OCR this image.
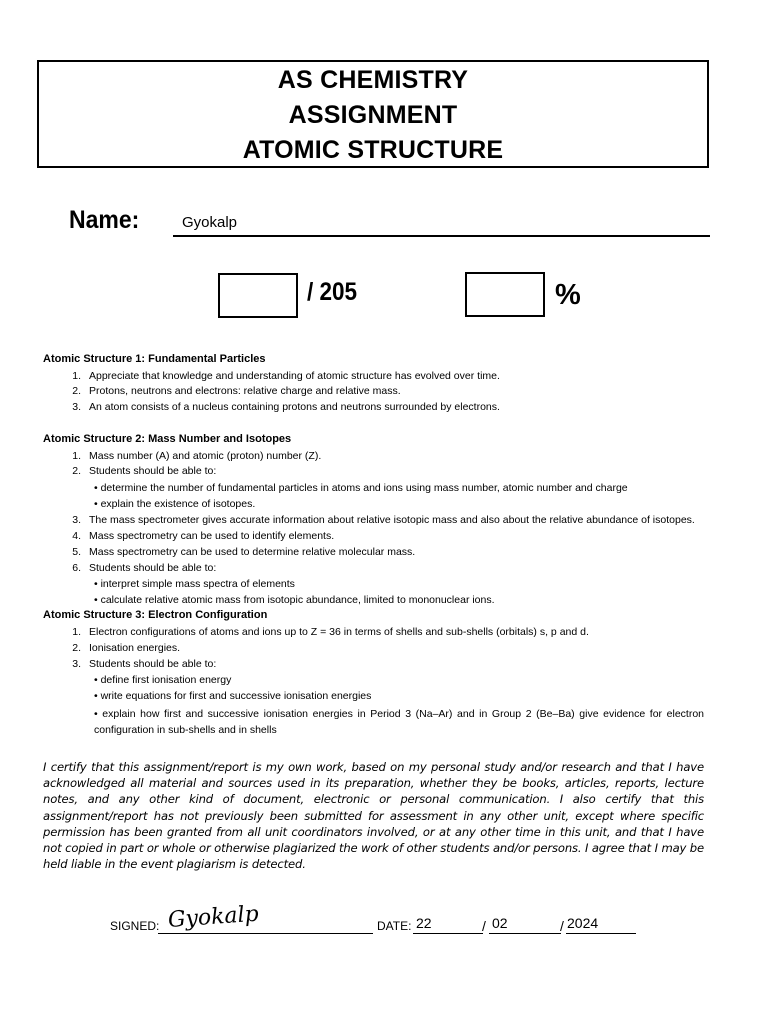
AS CHEMISTRY
ASSIGNMENT
ATOMIC STRUCTURE
Name:	Gyokalp
/ 205	%
Atomic Structure 1: Fundamental Particles
1. Appreciate that knowledge and understanding of atomic structure has evolved over time.
2. Protons, neutrons and electrons: relative charge and relative mass.
3. An atom consists of a nucleus containing protons and neutrons surrounded by electrons.
Atomic Structure 2: Mass Number and Isotopes
1. Mass number (A) and atomic (proton) number (Z).
2. Students should be able to:
• determine the number of fundamental particles in atoms and ions using mass number, atomic number and charge
• explain the existence of isotopes.
3. The mass spectrometer gives accurate information about relative isotopic mass and also about the relative abundance of isotopes.
4. Mass spectrometry can be used to identify elements.
5. Mass spectrometry can be used to determine relative molecular mass.
6. Students should be able to:
• interpret simple mass spectra of elements
• calculate relative atomic mass from isotopic abundance, limited to mononuclear ions.
Atomic Structure 3: Electron Configuration
1. Electron configurations of atoms and ions up to Z = 36 in terms of shells and sub-shells (orbitals) s, p and d.
2. Ionisation energies.
3. Students should be able to:
• define first ionisation energy
• write equations for first and successive ionisation energies
• explain how first and successive ionisation energies in Period 3 (Na–Ar) and in Group 2 (Be–Ba) give evidence for electron configuration in sub-shells and in shells
I certify that this assignment/report is my own work, based on my personal study and/or research and that I have acknowledged all material and sources used in its preparation, whether they be books, articles, reports, lecture notes, and any other kind of document, electronic or personal communication. I also certify that this assignment/report has not previously been submitted for assessment in any other unit, except where specific permission has been granted from all unit coordinators involved, or at any other time in this unit, and that I have not copied in part or whole or otherwise plagiarized the work of other students and/or persons. I agree that I may be held liable in the event plagiarism is detected.
SIGNED: Gyokalp	DATE: 22	/ 02	/ 2024
